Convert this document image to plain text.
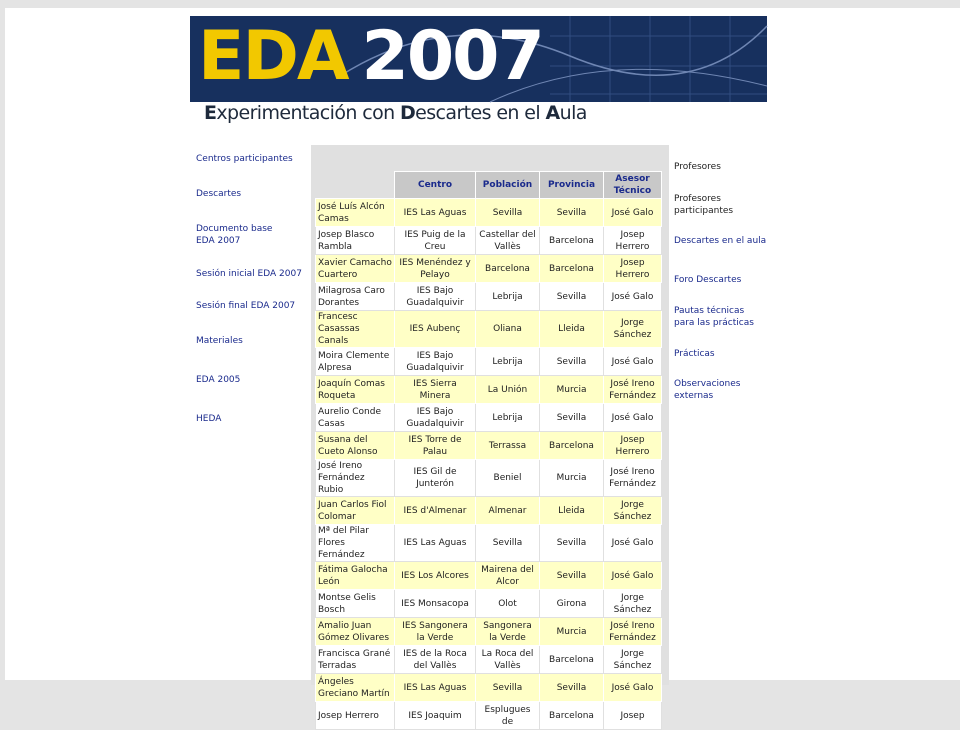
EDA 2007
Experimentación con Descartes en el Aula
Centros participantes
Descartes
Documento base
EDA 2007
Sesión inicial EDA 2007
Sesión final EDA 2007
Materiales
EDA 2005
HEDA
	Centro	Población	Provincia	Asesor Técnico
José Luís Alcón Camas	IES Las Aguas	Sevilla	Sevilla	José Galo
Josep Blasco Rambla	IES Puig de la Creu	Castellar del Vallès	Barcelona	Josep Herrero
Xavier Camacho Cuartero	IES Menéndez y Pelayo	Barcelona	Barcelona	Josep Herrero
Milagrosa Caro Dorantes	IES Bajo Guadalquivir	Lebrija	Sevilla	José Galo
Francesc Casassas Canals	IES Aubenç	Oliana	Lleida	Jorge Sánchez
Moira Clemente Alpresa	IES Bajo Guadalquivir	Lebrija	Sevilla	José Galo
Joaquín Comas Roqueta	IES Sierra Minera	La Unión	Murcia	José Ireno Fernández
Aurelio Conde Casas	IES Bajo Guadalquivir	Lebrija	Sevilla	José Galo
Susana del Cueto Alonso	IES Torre de Palau	Terrassa	Barcelona	Josep Herrero
José Ireno Fernández Rubio	IES Gil de Junterón	Beniel	Murcia	José Ireno Fernández
Juan Carlos Fiol Colomar	IES d'Almenar	Almenar	Lleida	Jorge Sánchez
Mª del Pilar Flores Fernández	IES Las Aguas	Sevilla	Sevilla	José Galo
Fátima Galocha León	IES Los Alcores	Mairena del Alcor	Sevilla	José Galo
Montse Gelis Bosch	IES Monsacopa	Olot	Girona	Jorge Sánchez
Amalio Juan Gómez Olivares	IES Sangonera la Verde	Sangonera la Verde	Murcia	José Ireno Fernández
Francisca Grané Terradas	IES de la Roca del Vallès	La Roca del Vallès	Barcelona	Jorge Sánchez
Ángeles Greciano Martín	IES Las Aguas	Sevilla	Sevilla	José Galo
Josep Herrero	IES Joaquim	Esplugues de	Barcelona	Josep
Profesores
Profesores
participantes
Descartes en el aula
Foro Descartes
Pautas técnicas
para las prácticas
Prácticas
Observaciones
externas
